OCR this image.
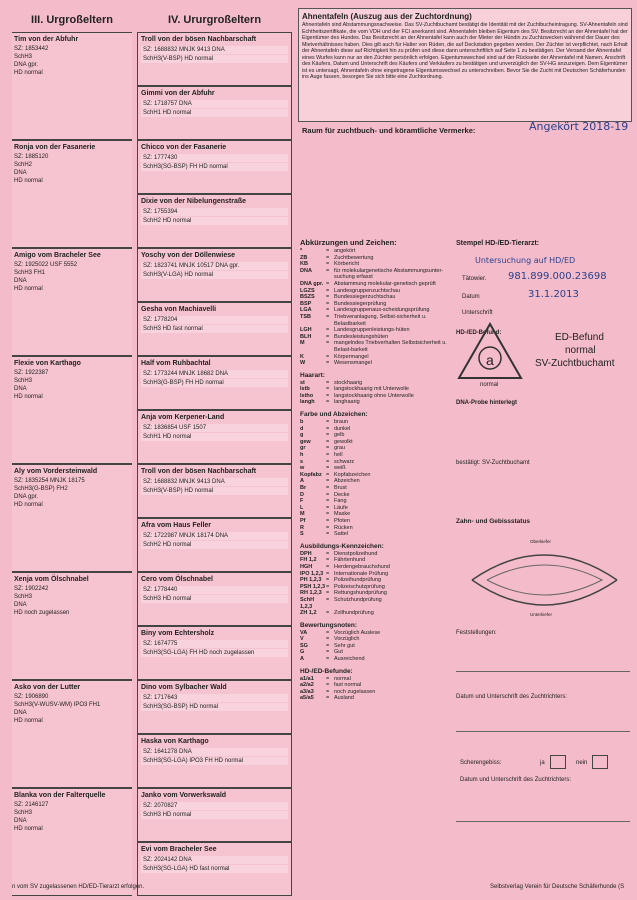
III. Urgroßeltern	IV. Ururgroßeltern
Tim von der Abfuhr
SZ: 1853442
SchH3
DNA gpr.
HD normal
Ronja von der Fasanerie
SZ: 1885120
SchH2
DNA
HD normal
Amigo vom Bracheler See
SZ: 1925022 USF 5552
SchH3 FH1
DNA
HD normal
Flexie von Karthago
SZ: 1922387
SchH3
DNA
HD normal
Aly vom Vordersteinwald
SZ: 1835254 MNJK 18175
SchH3(G-BSP) FH2
DNA gpr.
HD normal
Xenja vom Ölschnabel
SZ: 1902242
SchH3
DNA
HD noch zugelassen
Asko von der Lutter
SZ: 1906890
SchH3(V-WUSV-WM) IPO3 FH1
DNA
HD normal
Blanka von der Falterquelle
SZ: 2146127
SchH3
DNA
HD normal
Troll von der bösen Nachbarschaft
SZ: 1688832 MNJK 9413 DNA
SchH3(V-BSP) HD normal
Gimmi von der Abfuhr
SZ: 1718757 DNA
SchH1 HD normal
Chicco von der Fasanerie
SZ: 1777430
SchH3(SG-BSP) FH HD normal
Dixie von der Nibelungenstraße
SZ: 1755394
SchH2 HD normal
Yoschy von der Döllenwiese
SZ: 1823741 MNJK 10517 DNA gpr.
SchH3(V-LGA) HD normal
Gesha von Machiavelli
SZ: 1778204
SchH3 HD fast normal
Half vom Ruhbachtal
SZ: 1773244 MNJK 18682 DNA
SchH3(G-BSP) FH HD normal
Anja vom Kerpener-Land
SZ: 1836854 USF 1507
SchH1 HD normal
Troll von der bösen Nachbarschaft
SZ: 1688832 MNJK 9413 DNA
SchH3(V-BSP) HD normal
Afra vom Haus Feller
SZ: 1722987 MNJK 18174 DNA
SchH2 HD normal
Cero vom Ölschnabel
SZ: 1778440
SchH3 HD normal
Biny vom Echtersholz
SZ: 1674775
SchH3(SG-LGA) FH HD noch zugelassen
Dino vom Sylbacher Wald
SZ: 1717643
SchH3(SG-BSP) HD normal
Haska von Karthago
SZ: 1641278 DNA
SchH3(SG-LGA) IPO3 FH HD normal
Janko vom Vorwerkswald
SZ: 2070827
SchH3 HD normal
Evi vom Bracheler See
SZ: 2024142 DNA
SchH3(SG-LGA) HD fast normal
Ahnentafeln (Auszug aus der Zuchtordnung)
Ahnentafeln sind Abstammungsnachweise. Das SV-Zuchtbuchamt bestätigt die Identität mit der Zuchtbucheintragung. SV-Ahnentafeln sind Echtheitszertifikate, die vom VDH und der FCI anerkannt sind. Ahnentafeln bleiben Eigentum des SV. Besitzrecht an der Ahnentafel hat der Eigentümer des Hundes. Das Besitzrecht an der Ahnentafel kann auch der Mieter der Hündin zu Zuchtzwecken während der Dauer des Mietverhältnisses haben. Dies gilt auch für Halter von Rüden, die auf Deckstation gegeben werden. Der Züchter ist verpflichtet, nach Erhalt der Ahnentafeln diese auf Richtigkeit hin zu prüfen und diese dann unterschriftlich auf Seite 1 zu bestätigen. Der Versand der Ahnentafel eines Wurfes kann nur an den Züchter persönlich erfolgen. Eigentumswechsel sind auf der Rückseite der Ahnentafel mit Namen, Anschrift des Käufers, Datum und Unterschrift des Käufers und Verkäufers zu bestätigen und unverzüglich der SV-HG anzuzeigen. Dem Eigentümer ist es untersagt, Ahnentafeln ohne eingetragene Eigentumswechsel zu unterschreiben. Bevor Sie die Zucht mit Deutschen Schäferhunden ins Auge fassen, besorgen Sie sich bitte eine Zuchtordnung.
Raum für zuchtbuch- und köramtliche Vermerke:	Angekört 2018-19
Abkürzungen und Zeichen:
*	=	angekört
ZB	=	Zuchtbewertung
KB	=	Körbericht
DNA	=	für molekulargenetische Abstammungsunter-suchung erfasst
DNA gpr.	=	Abstammung molekular-genetisch geprüft
LGZS	=	Landesgruppenzuchtschau
BSZS	=	Bundessiegerzuchtschau
BSP	=	Bundessiegerprüfung
LGA	=	Landesgruppenaus-scheidungsprüfung
TSB	=	Triebveranlagung, Selbst-sicherheit u. Belastbarkeit
LGH	=	Landesgruppenleistungs-hüten
BLH	=	Bundesleistungshüten
M	=	mangelndes Triebverhalten Selbstsicherheit u. Belast-barkeit
K	=	Körpermangel
W	=	Wesensmangel
Haarart:
st	=	stockhaarig
lstb	=	langstockhaarig mit Unterwolle
lstho	=	langstockhaarig ohne Unterwolle
langh	=	langhaarig
Farbe und Abzeichen:
b	=	braun
d	=	dunkel
g	=	gelb
gew	=	gewolkt
gr	=	grau
h	=	hell
s	=	schwarz
w	=	weiß
Kopfabz	=	Kopfabzeichen
A	=	Abzeichen
Br	=	Brust
D	=	Decke
F	=	Fang
L	=	Läufe
M	=	Maske
Pf	=	Pfoten
R	=	Rücken
S	=	Sattel
Ausbildungs-Kennzeichen:
DPH	=	Dienstpolizeihund
FH 1,2	=	Fährtenhund
HGH	=	Herdengebrauchshund
IPO 1,2,3	=	Internationale Prüfung
PH 1,2,3	=	Polizeihundprüfung
PSH 1,2,3	=	Polizeischutzprüfung
RH 1,2,3	=	Rettungshundprüfung
SchH 1,2,3	=	Schutzhundprüfung
ZH 1,2	=	Zollhundprüfung
Bewertungsnoten:
VA	=	Vorzüglich Auslese
V	=	Vorzüglich
SG	=	Sehr gut
G	=	Gut
A	=	Ausreichend
HD-/ED-Befunde:
a1/a1	=	normal
a2/a2	=	fast normal
a3/a3	=	noch zugelassen
a5/a5	=	Ausland
Stempel HD-/ED-Tierarzt:
Untersuchung auf HD/ED
Tätowier. 981.899.000.23698
Datum	31.1.2013
Unterschrift
HD-/ED-Befund:
a
normal
ED-Befund
normal
SV-Zuchtbuchamt
DNA-Probe hinterlegt
bestätigt: SV-Zuchtbuchamt
Zahn- und Gebissstatus
Oberkiefer
Unterkiefer
Feststellungen:
Datum und Unterschrift des Zuchtrichters:
Scherengebiss:	ja	nein
Datum und Unterschrift des Zuchtrichters:
n vom SV zugelassenen HD/ED-Tierarzt erfolgen.	Selbstverlag Verein für Deutsche Schäferhunde (S
